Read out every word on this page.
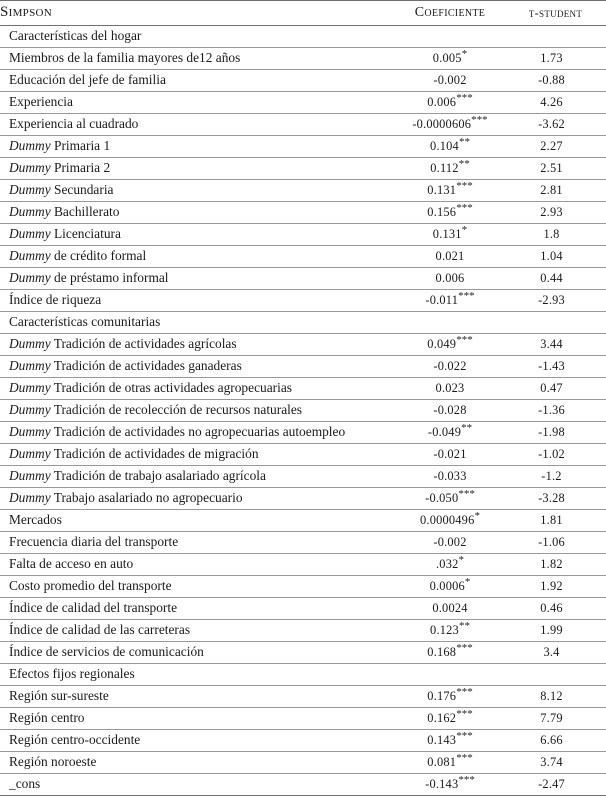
Simpson	Coeficiente	t-student
Características del hogar		
Miembros de la familia mayores de12 años	0.005*	1.73
Educación del jefe de familia	-0.002	-0.88
Experiencia	0.006***	4.26
Experiencia al cuadrado	-0.0000606***	-3.62
Dummy Primaria 1	0.104**	2.27
Dummy Primaria 2	0.112**	2.51
Dummy Secundaria	0.131***	2.81
Dummy Bachillerato	0.156***	2.93
Dummy Licenciatura	0.131*	1.8
Dummy de crédito formal	0.021	1.04
Dummy de préstamo informal	0.006	0.44
Índice de riqueza	-0.011***	-2.93
Características comunitarias		
Dummy Tradición de actividades agrícolas	0.049***	3.44
Dummy Tradición de actividades ganaderas	-0.022	-1.43
Dummy Tradición de otras actividades agropecuarias	0.023	0.47
Dummy Tradición de recolección de recursos naturales	-0.028	-1.36
Dummy Tradición de actividades no agropecuarias autoempleo	-0.049**	-1.98
Dummy Tradición de actividades de migración	-0.021	-1.02
Dummy Tradición de trabajo asalariado agrícola	-0.033	-1.2
Dummy Trabajo asalariado no agropecuario	-0.050***	-3.28
Mercados	0.0000496*	1.81
Frecuencia diaria del transporte	-0.002	-1.06
Falta de acceso en auto	.032*	1.82
Costo promedio del transporte	0.0006*	1.92
Índice de calidad del transporte	0.0024	0.46
Índice de calidad de las carreteras	0.123**	1.99
Índice de servicios de comunicación	0.168***	3.4
Efectos fijos regionales		
Región sur-sureste	0.176***	8.12
Región centro	0.162***	7.79
Región centro-occidente	0.143***	6.66
Región noroeste	0.081***	3.74
_cons	-0.143***	-2.47
